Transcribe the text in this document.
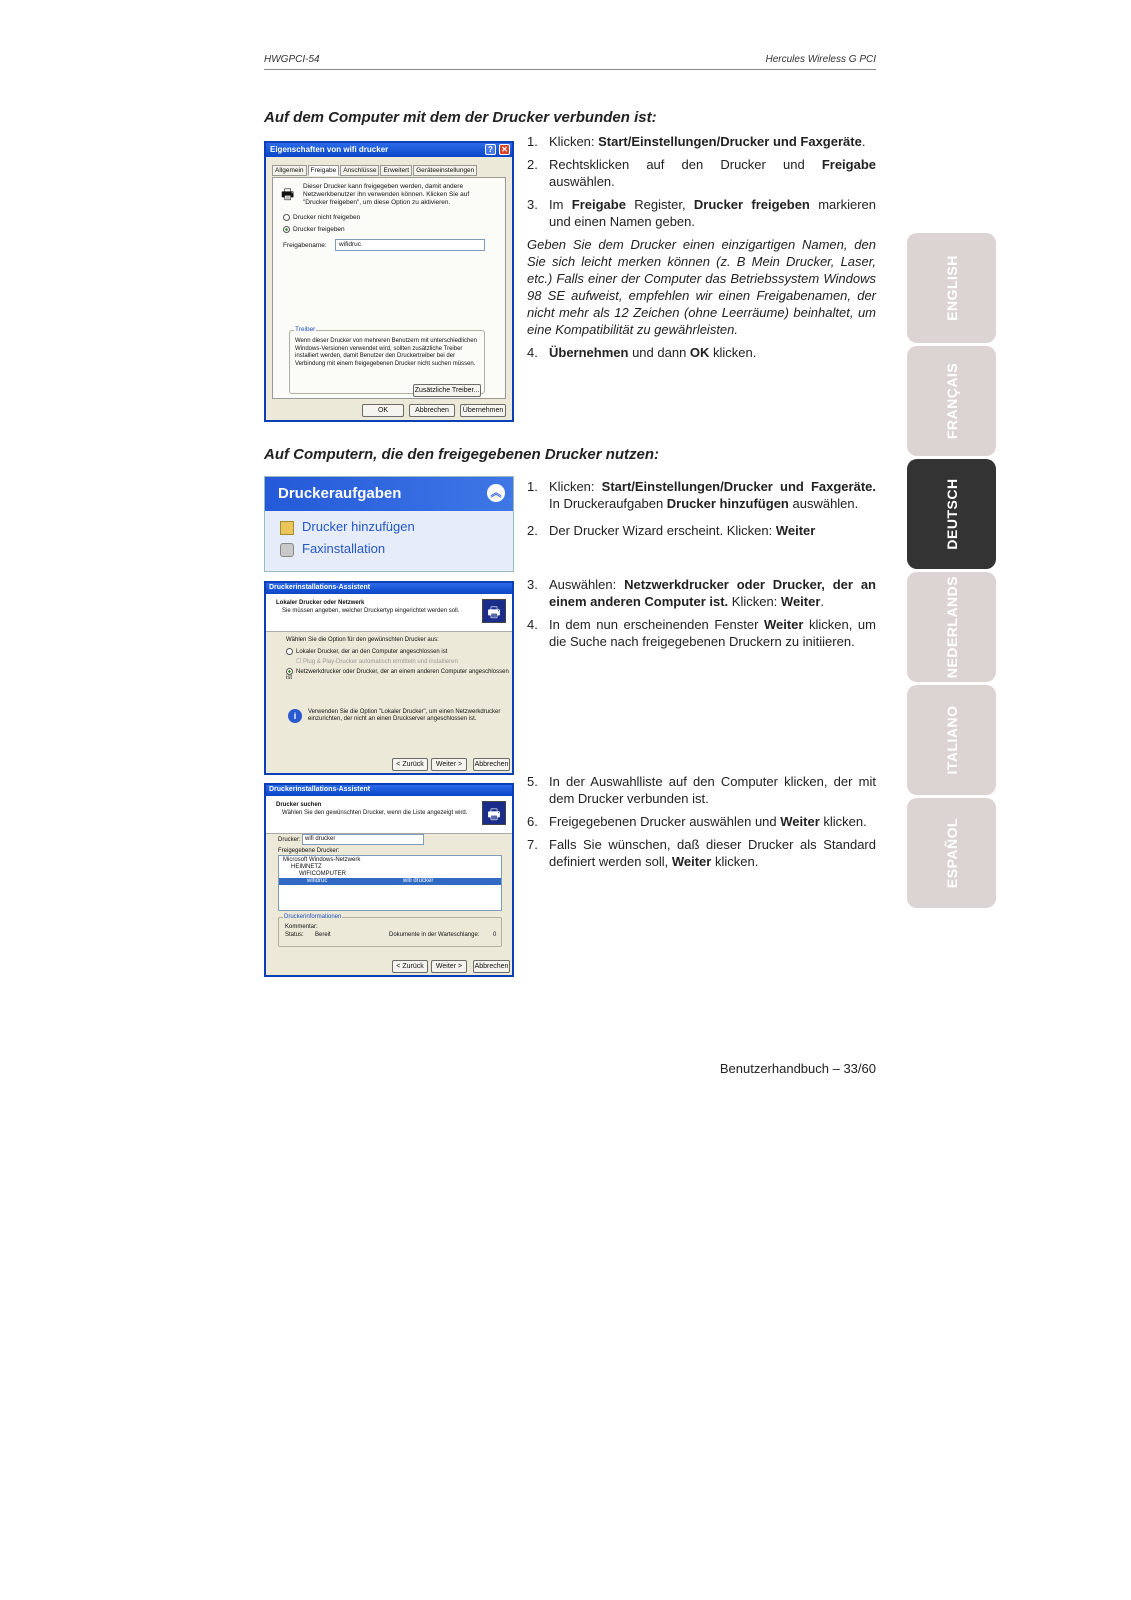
HWGPCI-54	Hercules Wireless G PCI
Auf dem Computer mit dem der Drucker verbunden ist:
Eigenschaften von wifi drucker	?	✕
Allgemein Freigabe Anschlüsse Erweitert Geräteeinstellungen
🖶 Dieser Drucker kann freigegeben werden, damit andere Netzwerkbenutzer ihn verwenden können. Klicken Sie auf "Drucker freigeben", um diese Option zu aktivieren.
Drucker nicht freigeben
Drucker freigeben
Freigabename:	wifidruc
Treiber
Wenn dieser Drucker von mehreren Benutzern mit unterschiedlichen Windows-Versionen verwendet wird, sollten zusätzliche Treiber installiert werden, damit Benutzer den Druckertreiber bei der Verbindung mit einem freigegebenen Drucker nicht suchen müssen.
Zusätzliche Treiber...
OK	Abbrechen	Übernehmen
1. Klicken: Start/Einstellungen/Drucker und Faxgeräte.
2. Rechtsklicken auf den Drucker und Freigabe auswählen.
3. Im Freigabe Register, Drucker freigeben markieren und einen Namen geben.
Geben Sie dem Drucker einen einzigartigen Namen, den Sie sich leicht merken können (z. B Mein Drucker, Laser, etc.) Falls einer der Computer das Betriebssystem Windows 98 SE aufweist, empfehlen wir einen Freigabenamen, der nicht mehr als 12 Zeichen (ohne Leerräume) beinhaltet, um eine Kompatibilität zu gewährleisten.
4. Übernehmen und dann OK klicken.
Auf Computern, die den freigegebenen Drucker nutzen:
Druckeraufgaben	︽
Drucker hinzufügen
Faxinstallation
1. Klicken: Start/Einstellungen/Drucker und Faxgeräte. In Druckeraufgaben Drucker hinzufügen auswählen.
2. Der Drucker Wizard erscheint. Klicken: Weiter
Druckerinstallations-Assistent
Lokaler Drucker oder Netzwerk
Sie müssen angeben, welcher Druckertyp eingerichtet werden soll.	🖶
Wählen Sie die Option für den gewünschten Drucker aus:
Lokaler Drucker, der an den Computer angeschlossen ist
☐ Plug & Play-Drucker automatisch ermitteln und installieren
Netzwerkdrucker oder Drucker, der an einem anderen Computer angeschlossen ist
i	Verwenden Sie die Option "Lokaler Drucker", um einen Netzwerkdrucker einzurichten, der nicht an einen Druckserver angeschlossen ist.
< Zurück	Weiter >	Abbrechen
3. Auswählen: Netzwerkdrucker oder Drucker, der an einem anderen Computer ist. Klicken: Weiter.
4. In dem nun erscheinenden Fenster Weiter klicken, um die Suche nach freigegebenen Druckern zu initiieren.
Druckerinstallations-Assistent
Drucker suchen
Wählen Sie den gewünschten Drucker, wenn die Liste angezeigt wird.	🖶
Drucker: wifi drucker
Freigegebene Drucker:
Microsoft Windows-Netzwerk
HEIMNETZ
WIFICOMPUTER
wifidruc	wifi drucker
Druckerinformationen
Kommentar:
Status: Bereit	Dokumente in der Warteschlange: 0
< Zurück	Weiter >	Abbrechen
5. In der Auswahlliste auf den Computer klicken, der mit dem Drucker verbunden ist.
6. Freigegebenen Drucker auswählen und Weiter klicken.
7. Falls Sie wünschen, daß dieser Drucker als Standard definiert werden soll, Weiter klicken.
Benutzerhandbuch – 33/60
ENGLISH
FRANÇAIS
DEUTSCH
NEDERLANDS
ITALIANO
ESPAÑOL
